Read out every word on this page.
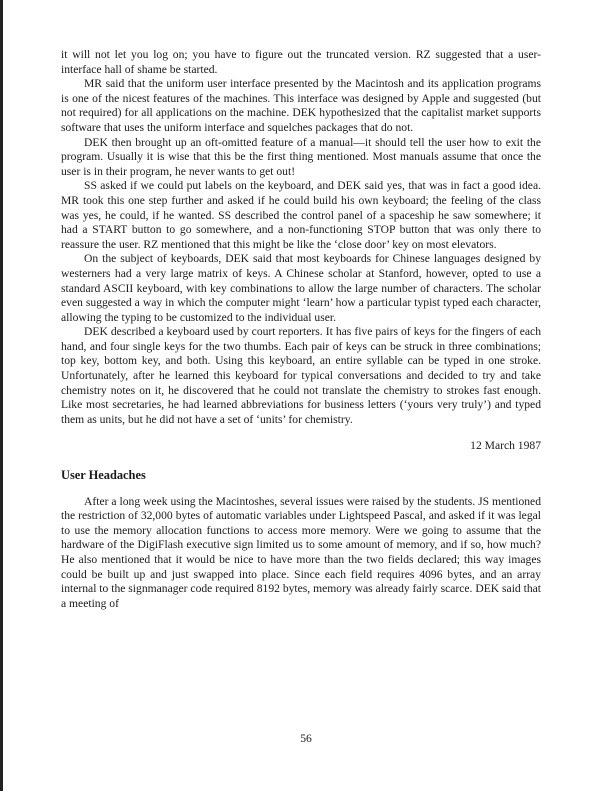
it will not let you log on; you have to figure out the truncated version. RZ suggested that a user-interface hall of shame be started.

MR said that the uniform user interface presented by the Macintosh and its application programs is one of the nicest features of the machines. This interface was designed by Apple and suggested (but not required) for all applications on the machine. DEK hypothesized that the capitalist market supports software that uses the uniform interface and squelches packages that do not.

DEK then brought up an oft-omitted feature of a manual—it should tell the user how to exit the program. Usually it is wise that this be the first thing mentioned. Most manuals assume that once the user is in their program, he never wants to get out!

SS asked if we could put labels on the keyboard, and DEK said yes, that was in fact a good idea. MR took this one step further and asked if he could build his own keyboard; the feeling of the class was yes, he could, if he wanted. SS described the control panel of a spaceship he saw somewhere; it had a START button to go somewhere, and a non-functioning STOP button that was only there to reassure the user. RZ mentioned that this might be like the ‘close door’ key on most elevators.

On the subject of keyboards, DEK said that most keyboards for Chinese languages designed by westerners had a very large matrix of keys. A Chinese scholar at Stanford, however, opted to use a standard ASCII keyboard, with key combinations to allow the large number of characters. The scholar even suggested a way in which the computer might ‘learn’ how a particular typist typed each character, allowing the typing to be customized to the individual user.

DEK described a keyboard used by court reporters. It has five pairs of keys for the fingers of each hand, and four single keys for the two thumbs. Each pair of keys can be struck in three combinations; top key, bottom key, and both. Using this keyboard, an entire syllable can be typed in one stroke. Unfortunately, after he learned this keyboard for typical conversations and decided to try and take chemistry notes on it, he discovered that he could not translate the chemistry to strokes fast enough. Like most secretaries, he had learned abbreviations for business letters (‘yours very truly’) and typed them as units, but he did not have a set of ‘units’ for chemistry.

12 March 1987
User Headaches

After a long week using the Macintoshes, several issues were raised by the students. JS mentioned the restriction of 32,000 bytes of automatic variables under Lightspeed Pascal, and asked if it was legal to use the memory allocation functions to access more memory. Were we going to assume that the hardware of the DigiFlash executive sign limited us to some amount of memory, and if so, how much? He also mentioned that it would be nice to have more than the two fields declared; this way images could be built up and just swapped into place. Since each field requires 4096 bytes, and an array internal to the signmanager code required 8192 bytes, memory was already fairly scarce. DEK said that a meeting of

56
